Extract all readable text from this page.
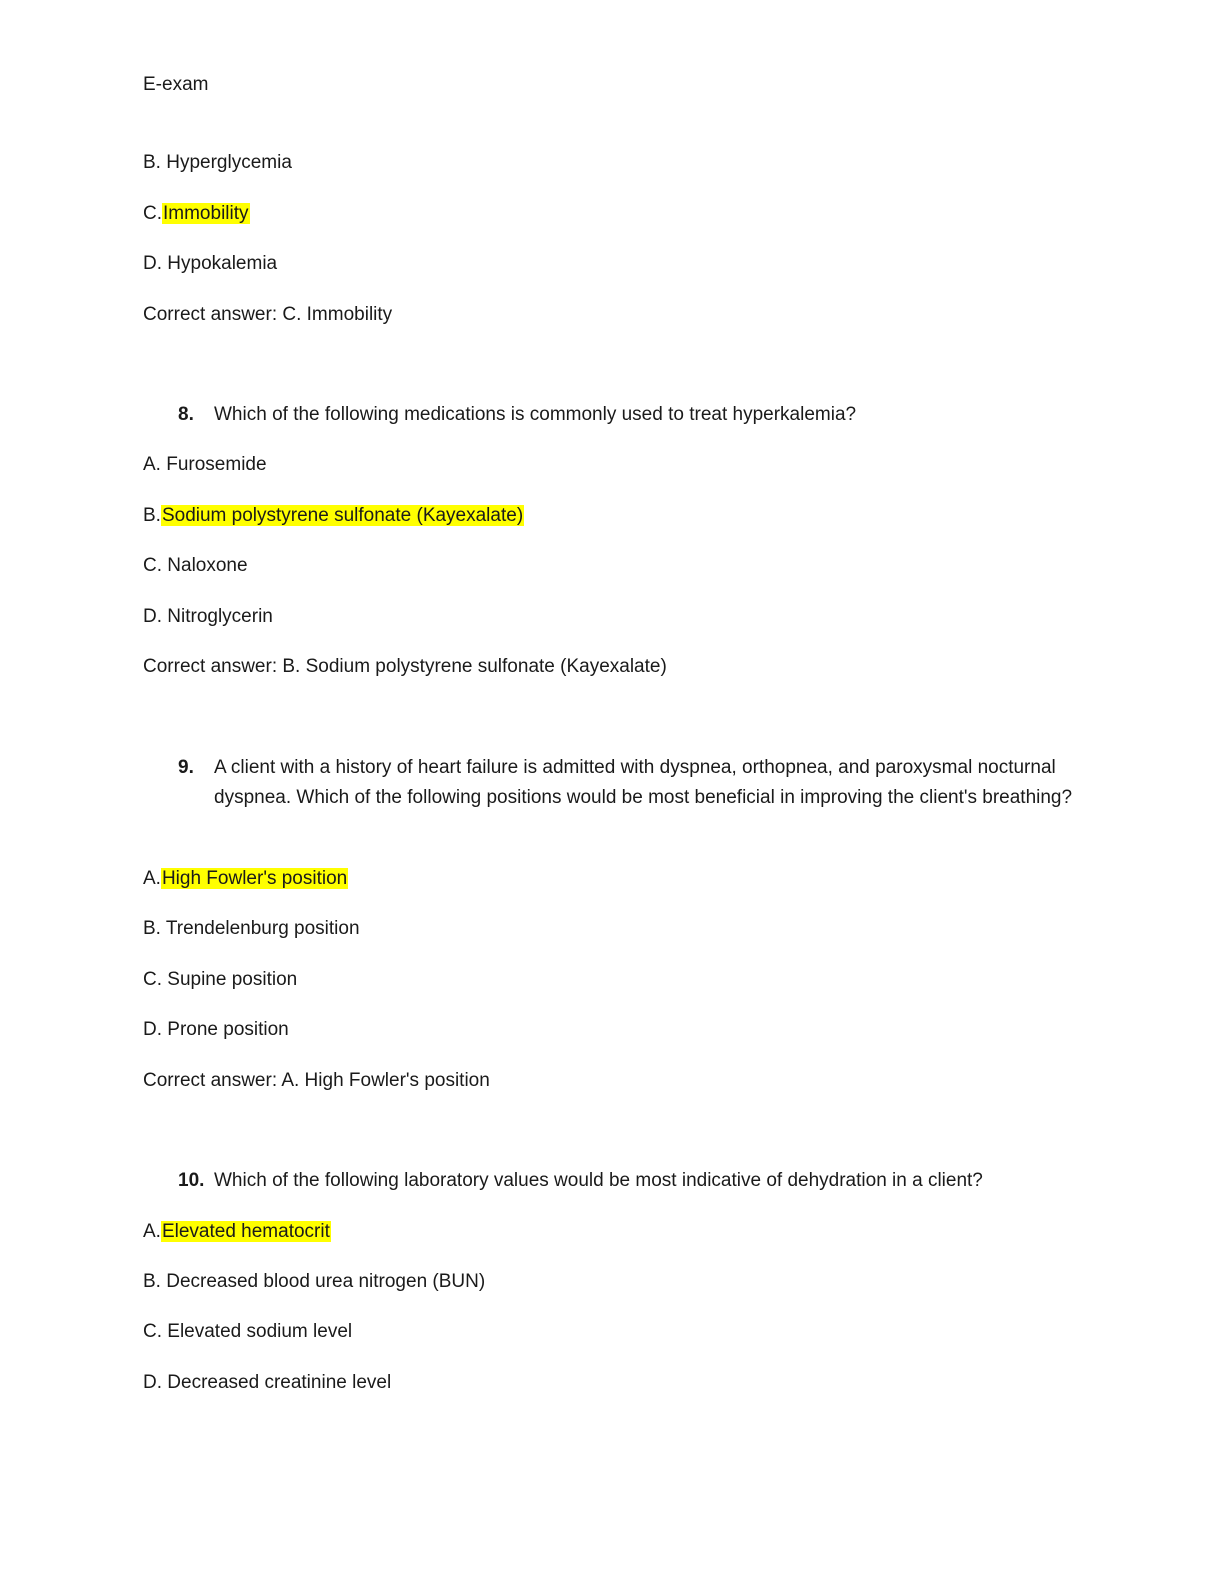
E-exam
B. Hyperglycemia
C.Immobility
D. Hypokalemia
Correct answer: C. Immobility
8.	Which of the following medications is commonly used to treat hyperkalemia?
A. Furosemide
B.Sodium polystyrene sulfonate (Kayexalate)
C. Naloxone
D. Nitroglycerin
Correct answer: B. Sodium polystyrene sulfonate (Kayexalate)
9.	A client with a history of heart failure is admitted with dyspnea, orthopnea, and paroxysmal nocturnal dyspnea. Which of the following positions would be most beneficial in improving the client's breathing?
A.High Fowler's position
B. Trendelenburg position
C. Supine position
D. Prone position
Correct answer: A. High Fowler's position
10. Which of the following laboratory values would be most indicative of dehydration in a client?
A.Elevated hematocrit
B. Decreased blood urea nitrogen (BUN)
C. Elevated sodium level
D. Decreased creatinine level
